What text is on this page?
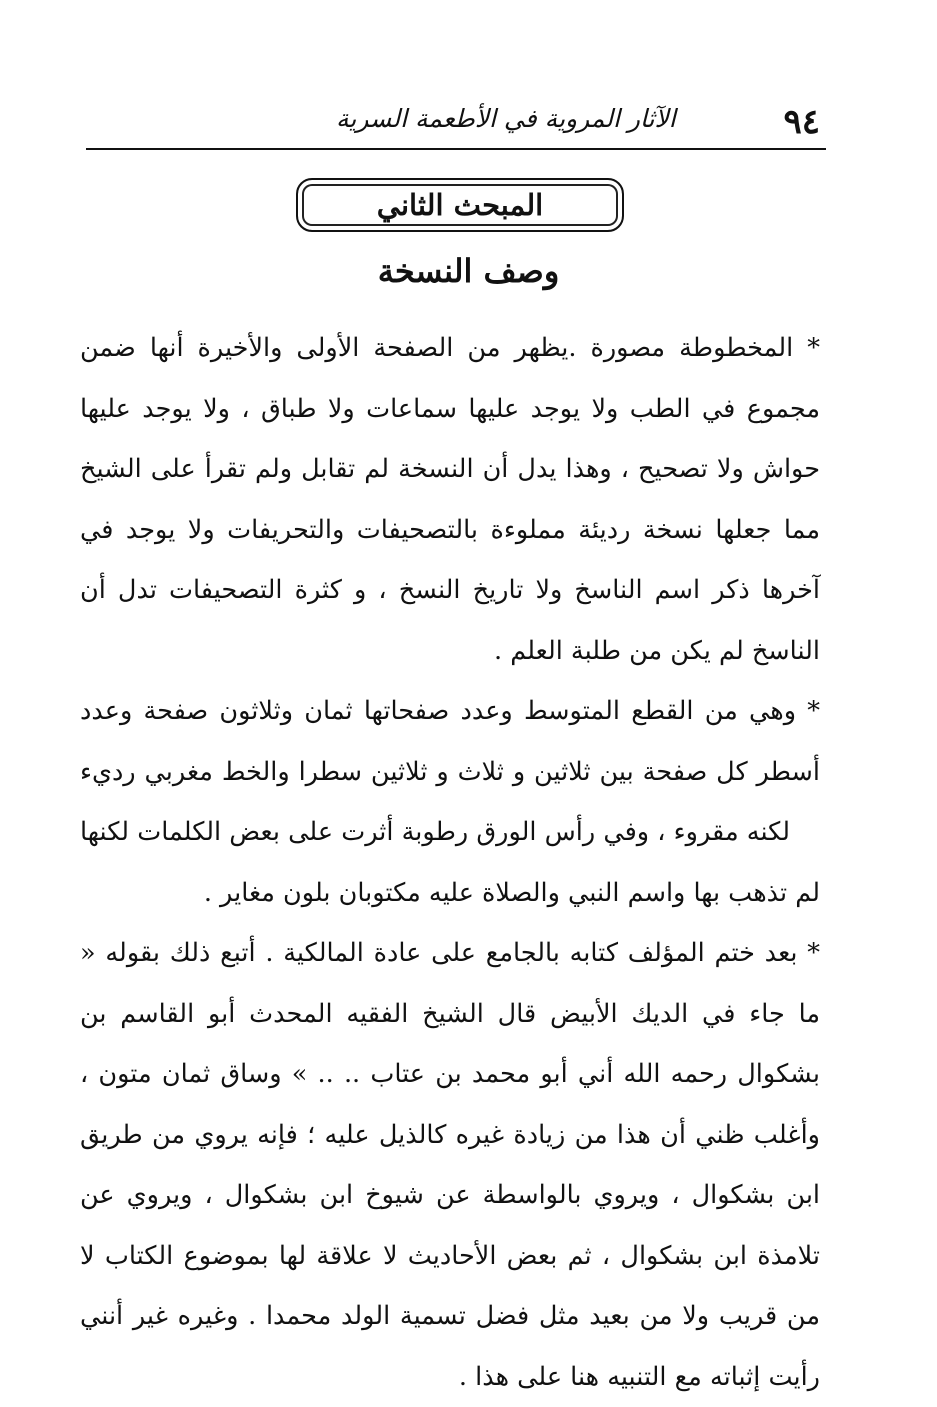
٩٤
الآثار المروية في الأطعمة السرية
المبحث الثاني
وصف النسخة

* المخطوطة مصورة .يظهر من الصفحة الأولى والأخيرة أنها ضمن مجموع في الطب ولا يوجد عليها سماعات ولا طباق ، ولا يوجد عليها حواش ولا تصحيح ، وهذا يدل أن النسخة لم تقابل ولم تقرأ على الشيخ مما جعلها نسخة رديئة مملوءة بالتصحيفات والتحريفات ولا يوجد في آخرها ذكر اسم الناسخ ولا تاريخ النسخ ، و كثرة التصحيفات تدل أن الناسخ لم يكن من طلبة العلم .

* وهي من القطع المتوسط وعدد صفحاتها ثمان وثلاثون صفحة وعدد أسطر كل صفحة بين ثلاثين و ثلاث و ثلاثين سطرا والخط مغربي رديء

لكنه مقروء ، وفي رأس الورق رطوبة أثرت على بعض الكلمات لكنها لم تذهب بها واسم النبي والصلاة عليه مكتوبان بلون مغاير .

* بعد ختم المؤلف كتابه بالجامع على عادة المالكية . أتبع ذلك بقوله « ما جاء في الديك الأبيض قال الشيخ الفقيه المحدث أبو القاسم بن بشكوال رحمه الله أني أبو محمد بن عتاب .. .. » وساق ثمان متون ، وأغلب ظني أن هذا من زيادة غيره كالذيل عليه ؛ فإنه يروي من طريق ابن بشكوال ، ويروي بالواسطة عن شيوخ ابن بشكوال ، ويروي عن تلامذة ابن بشكوال ، ثم بعض الأحاديث لا علاقة لها بموضوع الكتاب لا من قريب ولا من بعيد مثل فضل تسمية الولد محمدا . وغيره غير أنني رأيت إثباته مع التنبيه هنا على هذا .
